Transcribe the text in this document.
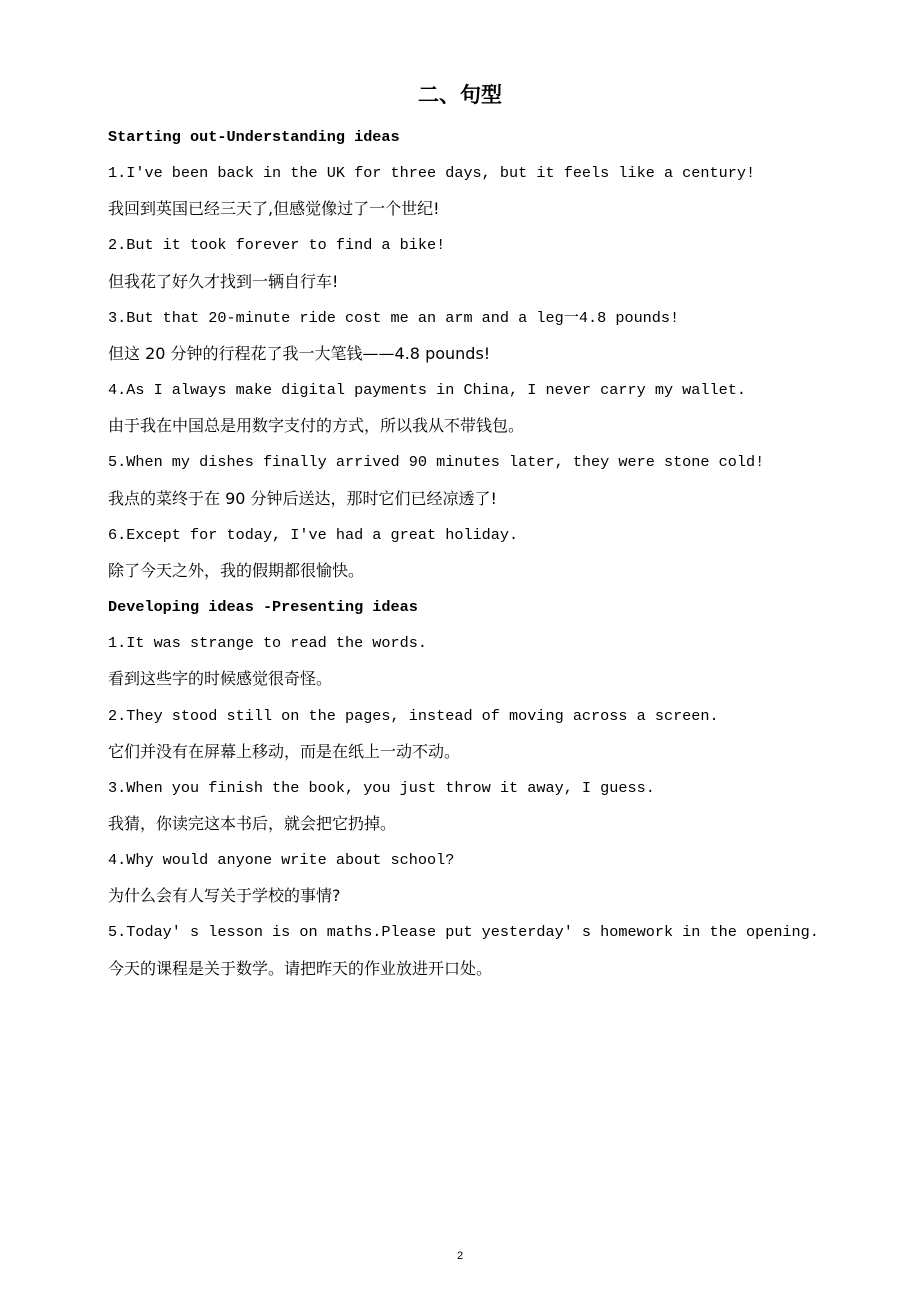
二、句型
Starting out-Understanding ideas
1.I've been back in the UK for three days, but it feels like a century!
我回到英国已经三天了,但感觉像过了一个世纪!
2.But it took forever to find a bike!
但我花了好久才找到一辆自行车!
3.But that 20-minute ride cost me an arm and a leg一4.8 pounds!
但这 20 分钟的行程花了我一大笔钱——4.8 pounds!
4.As I always make digital payments in China, I never carry my wallet.
由于我在中国总是用数字支付的方式，所以我从不带钱包。
5.When my dishes finally arrived 90 minutes later, they were stone cold!
我点的菜终于在 90 分钟后送达，那时它们已经凉透了!
6.Except for today, I've had a great holiday.
除了今天之外，我的假期都很愉快。
Developing ideas -Presenting ideas
1.It was strange to read the words.
看到这些字的时候感觉很奇怪。
2.They stood still on the pages, instead of moving across a screen.
它们并没有在屏幕上移动，而是在纸上一动不动。
3.When you finish the book, you just throw it away, I guess.
我猜，你读完这本书后，就会把它扔掉。
4.Why would anyone write about school?
为什么会有人写关于学校的事情?
5.Today' s lesson is on maths.Please put yesterday' s homework in the opening.
今天的课程是关于数学。请把昨天的作业放进开口处。
2
